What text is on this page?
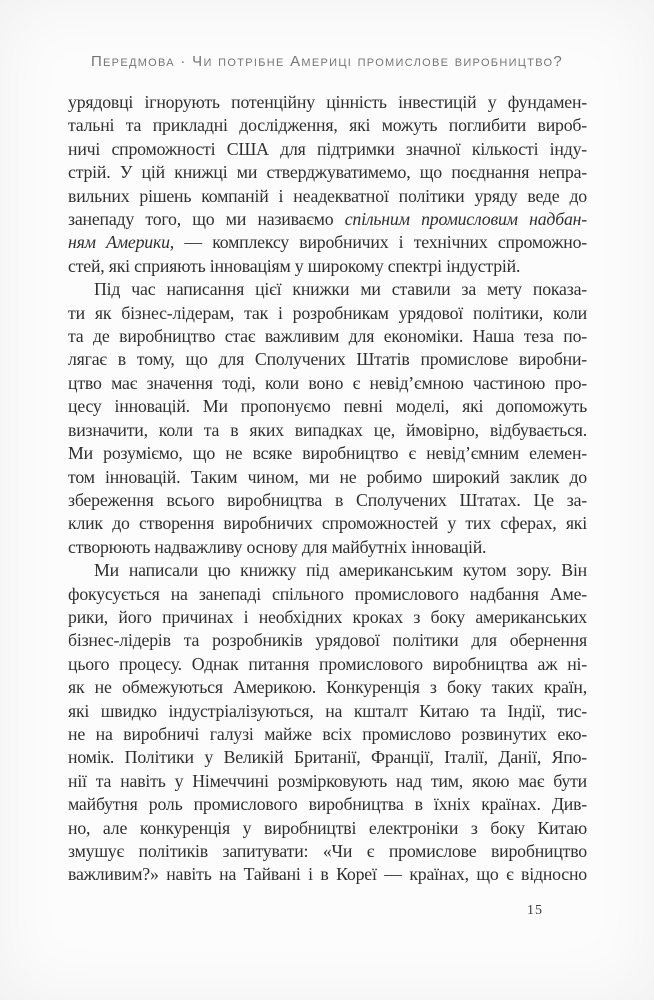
Передмова · Чи потрібне Америці промислове виробництво?
урядовці ігнорують потенційну цінність інвестицій у фундамен-
тальні та прикладні дослідження, які можуть поглибити вироб-
ничі спроможності США для підтримки значної кількості інду-
стрій. У цій книжці ми стверджуватимемо, що поєднання непра-
вильних рішень компаній і неадекватної політики уряду веде до
занепаду того, що ми називаємо спільним промисловим надбан-
ням Америки, — комплексу виробничих і технічних спроможно-
стей, які сприяють інноваціям у широкому спектрі індустрій.
Під час написання цієї книжки ми ставили за мету показа-
ти як бізнес-лідерам, так і розробникам урядової політики, коли
та де виробництво стає важливим для економіки. Наша теза по-
лягає в тому, що для Сполучених Штатів промислове виробни-
цтво має значення тоді, коли воно є невід’ємною частиною про-
цесу інновацій. Ми пропонуємо певні моделі, які допоможуть
визначити, коли та в яких випадках це, ймовірно, відбувається.
Ми розуміємо, що не всяке виробництво є невід’ємним елемен-
том інновацій. Таким чином, ми не робимо широкий заклик до
збереження всього виробництва в Сполучених Штатах. Це за-
клик до створення виробничих спроможностей у тих сферах, які
створюють надважливу основу для майбутніх інновацій.
Ми написали цю книжку під американським кутом зору. Він
фокусується на занепаді спільного промислового надбання Аме-
рики, його причинах і необхідних кроках з боку американських
бізнес-лідерів та розробників урядової політики для обернення
цього процесу. Однак питання промислового виробництва аж ні-
як не обмежуються Америкою. Конкуренція з боку таких країн,
які швидко індустріалізуються, на кшталт Китаю та Індії, тис-
не на виробничі галузі майже всіх промислово розвинутих еко-
номік. Політики у Великій Британії, Франції, Італії, Данії, Япо-
нії та навіть у Німеччині розмірковують над тим, якою має бути
майбутня роль промислового виробництва в їхніх країнах. Див-
но, але конкуренція у виробництві електроніки з боку Китаю
змушує політиків запитувати: «Чи є промислове виробництво
важливим?» навіть на Тайвані і в Кореї — країнах, що є відносно
15
